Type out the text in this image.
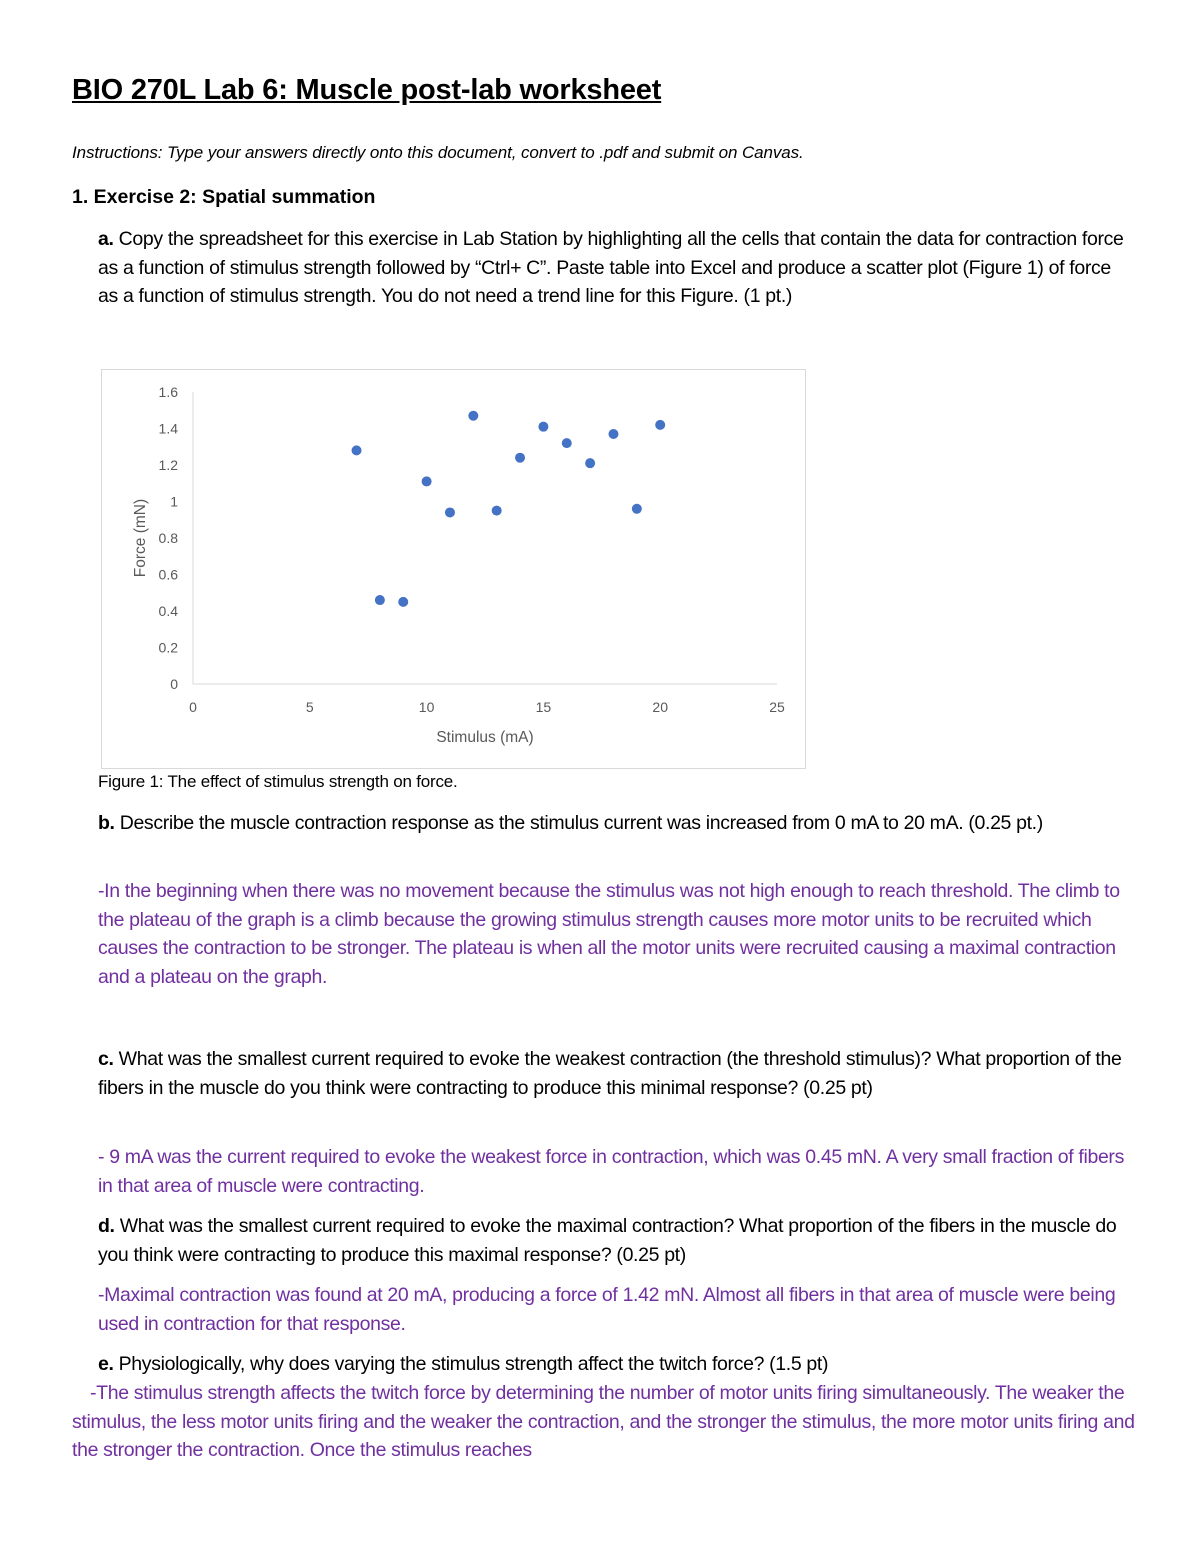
BIO 270L Lab 6: Muscle post-lab worksheet

Instructions: Type your answers directly onto this document, convert to .pdf and submit on Canvas.

1. Exercise 2: Spatial summation

a. Copy the spreadsheet for this exercise in Lab Station by highlighting all the cells that contain the data for contraction force as a function of stimulus strength followed by “Ctrl+ C”. Paste table into Excel and produce a scatter plot (Figure 1) of force as a function of stimulus strength. You do not need a trend line for this Figure. (1 pt.)

0
0.2
0.4
0.6
0.8
1
1.2
1.4
1.6
0	5	10	15	20	25
Stimulus (mA)
Force (mN)

Figure 1: The effect of stimulus strength on force.

b. Describe the muscle contraction response as the stimulus current was increased from 0 mA to 20 mA. (0.25 pt.)

-In the beginning when there was no movement because the stimulus was not high enough to reach threshold. The climb to the plateau of the graph is a climb because the growing stimulus strength causes more motor units to be recruited which causes the contraction to be stronger. The plateau is when all the motor units were recruited causing a maximal contraction and a plateau on the graph.

c. What was the smallest current required to evoke the weakest contraction (the threshold stimulus)? What proportion of the fibers in the muscle do you think were contracting to produce this minimal response? (0.25 pt)

- 9 mA was the current required to evoke the weakest force in contraction, which was 0.45 mN. A very small fraction of fibers in that area of muscle were contracting.

d. What was the smallest current required to evoke the maximal contraction? What proportion of the fibers in the muscle do you think were contracting to produce this maximal response? (0.25 pt)

-Maximal contraction was found at 20 mA, producing a force of 1.42 mN. Almost all fibers in that area of muscle were being used in contraction for that response.

e. Physiologically, why does varying the stimulus strength affect the twitch force? (1.5 pt)

-The stimulus strength affects the twitch force by determining the number of motor units firing simultaneously. The weaker the stimulus, the less motor units firing and the weaker the contraction, and the stronger the stimulus, the more motor units firing and the stronger the contraction. Once the stimulus reaches
